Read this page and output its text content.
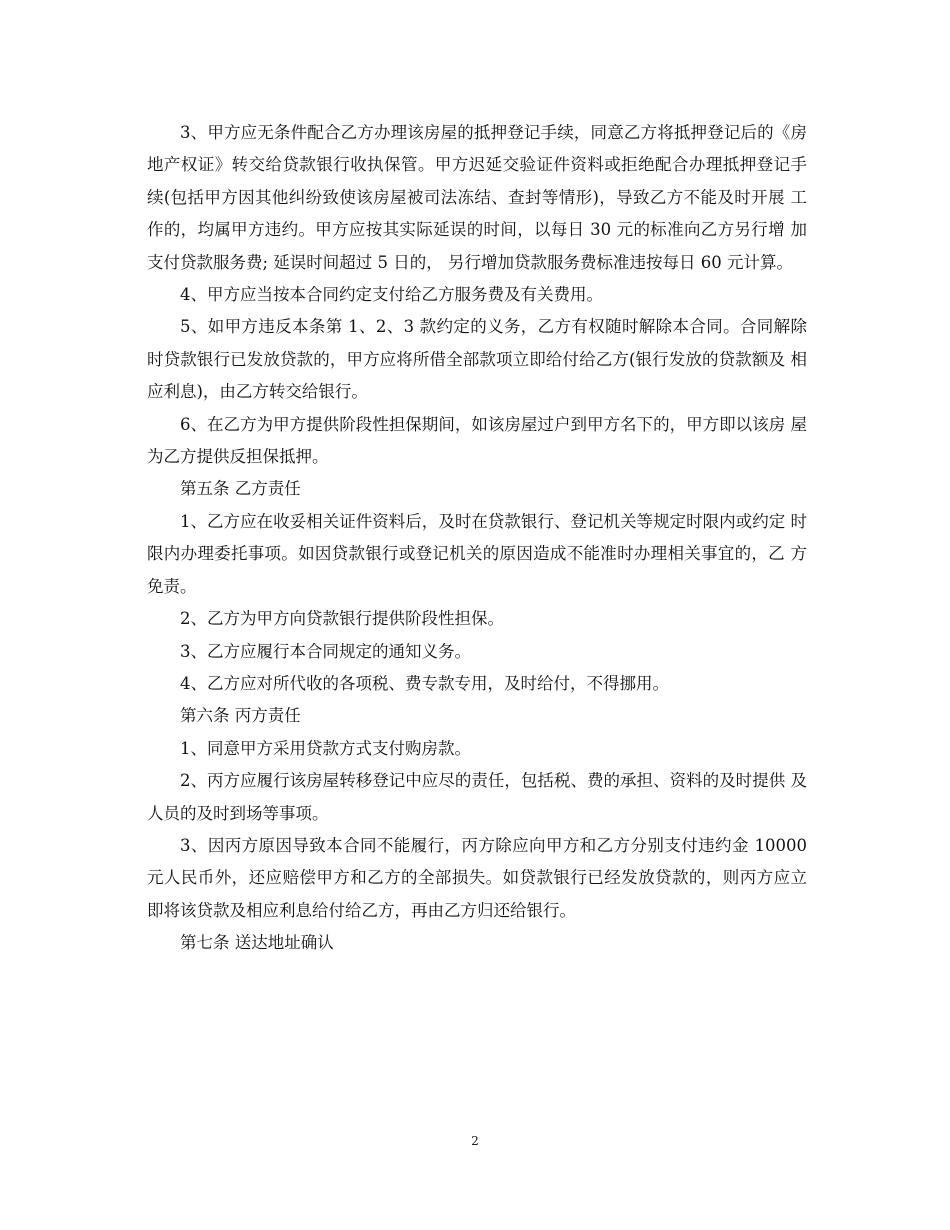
3、甲方应无条件配合乙方办理该房屋的抵押登记手续，同意乙方将抵押登记后的《房 地产权证》转交给贷款银行收执保管。甲方迟延交验证件资料或拒绝配合办理抵押登记手 续(包括甲方因其他纠纷致使该房屋被司法冻结、查封等情形)，导致乙方不能及时开展 工作的，均属甲方违约。甲方应按其实际延误的时间，以每日 30 元的标准向乙方另行增 加支付贷款服务费; 延误时间超过 5 日的， 另行增加贷款服务费标准违按每日 60 元计算。

4、甲方应当按本合同约定支付给乙方服务费及有关费用。

5、如甲方违反本条第 1、2、3 款约定的义务，乙方有权随时解除本合同。合同解除 时贷款银行已发放贷款的，甲方应将所借全部款项立即给付给乙方(银行发放的贷款额及 相应利息)，由乙方转交给银行。

6、在乙方为甲方提供阶段性担保期间，如该房屋过户到甲方名下的，甲方即以该房 屋为乙方提供反担保抵押。

第五条 乙方责任

1、乙方应在收妥相关证件资料后，及时在贷款银行、登记机关等规定时限内或约定 时限内办理委托事项。如因贷款银行或登记机关的原因造成不能准时办理相关事宜的，乙 方免责。

2、乙方为甲方向贷款银行提供阶段性担保。

3、乙方应履行本合同规定的通知义务。

4、乙方应对所代收的各项税、费专款专用，及时给付，不得挪用。

第六条 丙方责任

1、同意甲方采用贷款方式支付购房款。

2、丙方应履行该房屋转移登记中应尽的责任，包括税、费的承担、资料的及时提供 及人员的及时到场等事项。

3、因丙方原因导致本合同不能履行，丙方除应向甲方和乙方分别支付违约金 10000 元人民币外，还应赔偿甲方和乙方的全部损失。如贷款银行已经发放贷款的，则丙方应立 即将该贷款及相应利息给付给乙方，再由乙方归还给银行。

第七条 送达地址确认

2
